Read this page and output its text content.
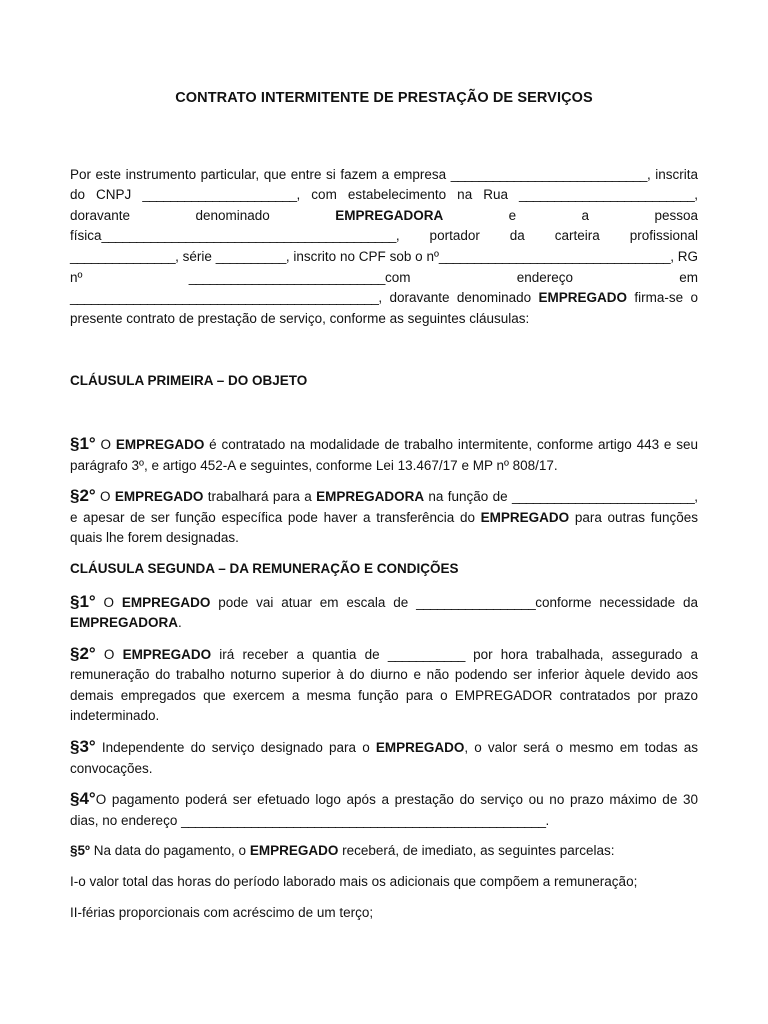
CONTRATO INTERMITENTE DE PRESTAÇÃO DE SERVIÇOS

Por este instrumento particular, que entre si fazem a empresa ____________________________, inscrita do CNPJ ______________________, com estabelecimento na Rua _________________________, doravante denominado EMPREGADORA e a pessoa física__________________________________________, portador da carteira profissional _______________, série __________, inscrito no CPF sob o nº_________________________________, RG nº ____________________________com endereço em ____________________________________________, doravante denominado EMPREGADO firma-se o presente contrato de prestação de serviço, conforme as seguintes cláusulas:

CLÁUSULA PRIMEIRA – DO OBJETO

§1° O EMPREGADO é contratado na modalidade de trabalho intermitente, conforme artigo 443 e seu parágrafo 3º, e artigo 452-A e seguintes, conforme Lei 13.467/17 e MP nº 808/17.

§2° O EMPREGADO trabalhará para a EMPREGADORA na função de __________________________, e apesar de ser função específica pode haver a transferência do EMPREGADO para outras funções quais lhe forem designadas.

CLÁUSULA SEGUNDA – DA REMUNERAÇÃO E CONDIÇÕES

§1° O EMPREGADO pode vai atuar em escala de _________________conforme necessidade da EMPREGADORA.

§2° O EMPREGADO irá receber a quantia de ___________ por hora trabalhada, assegurado a remuneração do trabalho noturno superior à do diurno e não podendo ser inferior àquele devido aos demais empregados que exercem a mesma função para o EMPREGADOR contratados por prazo indeterminado.

§3° Independente do serviço designado para o EMPREGADO, o valor será o mesmo em todas as convocações.

§4°O pagamento poderá ser efetuado logo após a prestação do serviço ou no prazo máximo de 30 dias, no endereço ____________________________________________________.

§5º Na data do pagamento, o EMPREGADO receberá, de imediato, as seguintes parcelas:

I-o valor total das horas do período laborado mais os adicionais que compõem a remuneração;

II-férias proporcionais com acréscimo de um terço;
